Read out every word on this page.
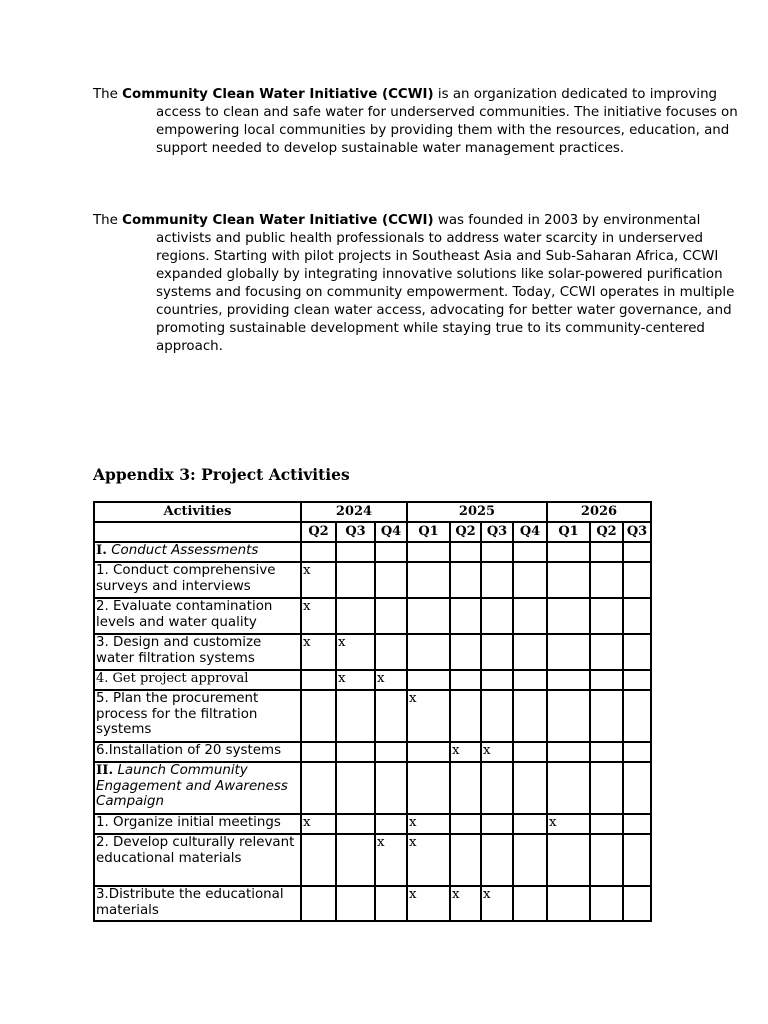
The Community Clean Water Initiative (CCWI) is an organization dedicated to improving access to clean and safe water for underserved communities. The initiative focuses on empowering local communities by providing them with the resources, education, and support needed to develop sustainable water management practices.

The Community Clean Water Initiative (CCWI) was founded in 2003 by environmental activists and public health professionals to address water scarcity in underserved regions. Starting with pilot projects in Southeast Asia and Sub-Saharan Africa, CCWI expanded globally by integrating innovative solutions like solar-powered purification systems and focusing on community empowerment. Today, CCWI operates in multiple countries, providing clean water access, advocating for better water governance, and promoting sustainable development while staying true to its community-centered approach.

Appendix 3: Project Activities
Activities	2024			2025				2026		
	Q2	Q3	Q4	Q1	Q2	Q3	Q4	Q1	Q2	Q3
I. Conduct Assessments										
1. Conduct comprehensive surveys and interviews	x									
2. Evaluate contamination levels and water quality	x									
3. Design and customize water filtration systems	x	x								
4. Get project approval		x	x							
5. Plan the procurement process for the filtration systems				x						
6.Installation of 20 systems					x	x				
II. Launch Community Engagement and Awareness Campaign										
1. Organize initial meetings	x			x				x		
2. Develop culturally relevant educational materials			x	x						
3.Distribute the educational materials				x	x	x				
